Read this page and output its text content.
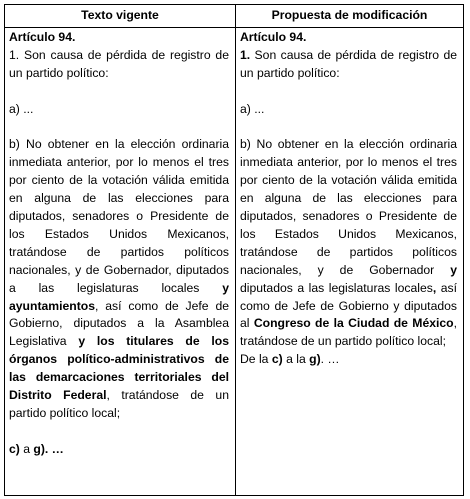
Texto vigente	Propuesta de modificación

Artículo 94.

1. Son causa de pérdida de registro de un partido político:

a) ...

b) No obtener en la elección ordinaria inmediata anterior, por lo menos el tres por ciento de la votación válida emitida en alguna de las elecciones para diputados, senadores o Presidente de los Estados Unidos Mexicanos, tratándose de partidos políticos nacionales, y de Gobernador, diputados a las legislaturas locales y ayuntamientos, así como de Jefe de Gobierno, diputados a la Asamblea Legislativa y los titulares de los órganos político-administrativos de las demarcaciones territoriales del Distrito Federal, tratándose de un partido político local;

c) a g). …

Artículo 94.

1. Son causa de pérdida de registro de un partido político:

a) ...

b) No obtener en la elección ordinaria inmediata anterior, por lo menos el tres por ciento de la votación válida emitida en alguna de las elecciones para diputados, senadores o Presidente de los Estados Unidos Mexicanos, tratándose de partidos políticos nacionales, y de Gobernador y diputados a las legislaturas locales, así como de Jefe de Gobierno y diputados al Congreso de la Ciudad de México, tratándose de un partido político local;

De la c) a la g). …
